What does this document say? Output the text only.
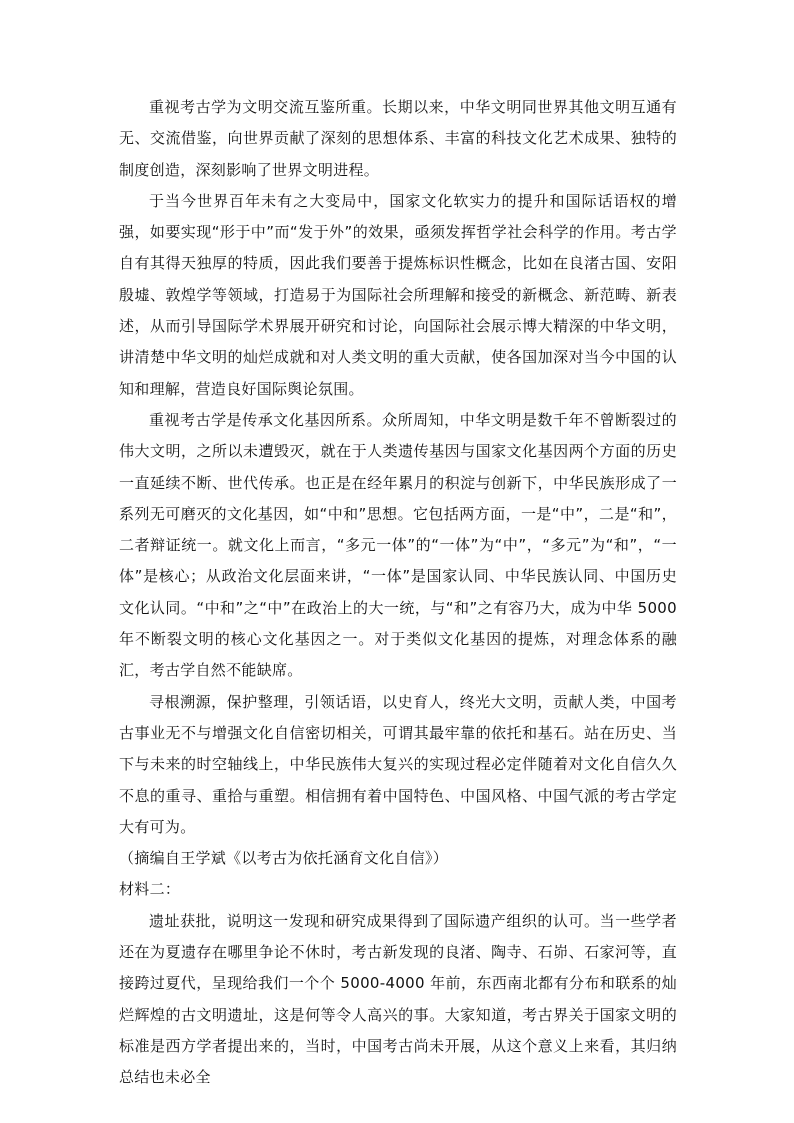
重视考古学为文明交流互鉴所重。长期以来，中华文明同世界其他文明互通有无、交流借鉴，向世界贡献了深刻的思想体系、丰富的科技文化艺术成果、独特的制度创造，深刻影响了世界文明进程。

于当今世界百年未有之大变局中，国家文化软实力的提升和国际话语权的增强，如要实现“形于中”而“发于外”的效果，亟须发挥哲学社会科学的作用。考古学自有其得天独厚的特质，因此我们要善于提炼标识性概念，比如在良渚古国、安阳殷墟、敦煌学等领域，打造易于为国际社会所理解和接受的新概念、新范畴、新表述，从而引导国际学术界展开研究和讨论，向国际社会展示博大精深的中华文明，讲清楚中华文明的灿烂成就和对人类文明的重大贡献，使各国加深对当今中国的认知和理解，营造良好国际舆论氛围。

重视考古学是传承文化基因所系。众所周知，中华文明是数千年不曾断裂过的伟大文明，之所以未遭毁灭，就在于人类遗传基因与国家文化基因两个方面的历史一直延续不断、世代传承。也正是在经年累月的积淀与创新下，中华民族形成了一系列无可磨灭的文化基因，如“中和”思想。它包括两方面，一是“中”，二是“和”，二者辩证统一。就文化上而言，“多元一体”的“一体”为“中”，“多元”为“和”，“一体”是核心；从政治文化层面来讲，“一体”是国家认同、中华民族认同、中国历史文化认同。“中和”之“中”在政治上的大一统，与“和”之有容乃大，成为中华 5000 年不断裂文明的核心文化基因之一。对于类似文化基因的提炼，对理念体系的融汇，考古学自然不能缺席。

寻根溯源，保护整理，引领话语，以史育人，终光大文明，贡献人类，中国考古事业无不与增强文化自信密切相关，可谓其最牢靠的依托和基石。站在历史、当下与未来的时空轴线上，中华民族伟大复兴的实现过程必定伴随着对文化自信久久不息的重寻、重拾与重塑。相信拥有着中国特色、中国风格、中国气派的考古学定大有可为。

（摘编自王学斌《以考古为依托涵育文化自信》）

材料二：

遗址获批，说明这一发现和研究成果得到了国际遗产组织的认可。当一些学者还在为夏遗存在哪里争论不休时，考古新发现的良渚、陶寺、石峁、石家河等，直接跨过夏代，呈现给我们一个个 5000-4000 年前，东西南北都有分布和联系的灿烂辉煌的古文明遗址，这是何等令人高兴的事。大家知道，考古界关于国家文明的标准是西方学者提出来的，当时，中国考古尚未开展，从这个意义上来看，其归纳总结也未必全
